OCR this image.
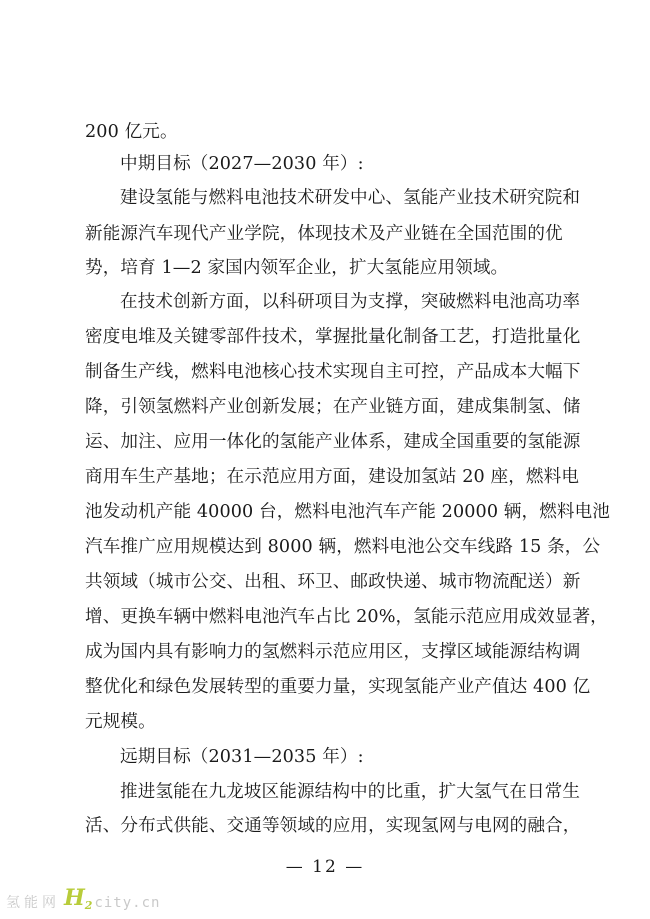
200 亿元。
中期目标（2027—2030 年）:
建设氢能与燃料电池技术研发中心、氢能产业技术研究院和
新能源汽车现代产业学院，体现技术及产业链在全国范围的优
势，培育 1—2 家国内领军企业，扩大氢能应用领域。
在技术创新方面，以科研项目为支撑，突破燃料电池高功率
密度电堆及关键零部件技术，掌握批量化制备工艺，打造批量化
制备生产线，燃料电池核心技术实现自主可控，产品成本大幅下
降，引领氢燃料产业创新发展；在产业链方面，建成集制氢、储
运、加注、应用一体化的氢能产业体系，建成全国重要的氢能源
商用车生产基地；在示范应用方面，建设加氢站 20 座，燃料电
池发动机产能 40000 台，燃料电池汽车产能 20000 辆，燃料电池
汽车推广应用规模达到 8000 辆，燃料电池公交车线路 15 条，公
共领域（城市公交、出租、环卫、邮政快递、城市物流配送）新
增、更换车辆中燃料电池汽车占比 20%，氢能示范应用成效显著，
成为国内具有影响力的氢燃料示范应用区，支撑区域能源结构调
整优化和绿色发展转型的重要力量，实现氢能产业产值达 400 亿
元规模。
远期目标（2031—2035 年）:
推进氢能在九龙坡区能源结构中的比重，扩大氢气在日常生
活、分布式供能、交通等领域的应用，实现氢网与电网的融合，
— 12 —
氢能网 H2 city.cn
